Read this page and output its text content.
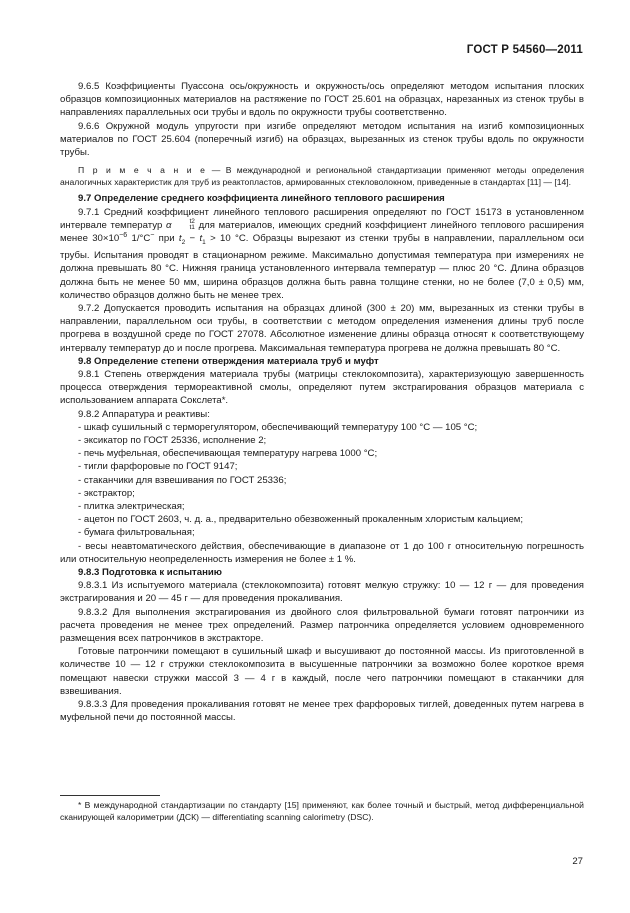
ГОСТ Р 54560—2011

9.6.5 Коэффициенты Пуассона ось/окружность и окружность/ось определяют методом испытания плоских образцов композиционных материалов на растяжение по ГОСТ 25.601 на образцах, нарезанных из стенок трубы в направлениях параллельных оси трубы и вдоль по окружности трубы соответственно.

9.6.6 Окружной модуль упругости при изгибе определяют методом испытания на изгиб композиционных материалов по ГОСТ 25.604 (поперечный изгиб) на образцах, вырезанных из стенок трубы вдоль по окружности трубы.

П р и м е ч а н и е — В международной и региональной стандартизации применяют методы определения аналогичных характеристик для труб из реактопластов, армированных стекловолокном, приведенные в стандартах [11] — [14].

9.7 Определение среднего коэффициента линейного теплового расширения

9.7.1 Средний коэффициент линейного теплового расширения определяют по ГОСТ 15173 в установленном интервале температур α	t2
t1 для материалов, имеющих средний коэффициент линейного теплового расширения менее $30\times 10^{-6}$ 1/°С− при $t_2 - t_1 > 10$ °С. Образцы вырезают из стенки трубы в направлении, параллельном оси трубы. Испытания проводят в стационарном режиме. Максимально допустимая температура при измерениях не должна превышать 80 °С. Нижняя граница установленного интервала температур — плюс 20 °С. Длина образцов должна быть не менее 50 мм, ширина образцов должна быть равна толщине стенки, но не более (7,0 ± 0,5) мм, количество образцов должно быть не менее трех.

9.7.2 Допускается проводить испытания на образцах длиной (300 ± 20) мм, вырезанных из стенки трубы в направлении, параллельном оси трубы, в соответствии с методом определения изменения длины труб после прогрева в воздушной среде по ГОСТ 27078. Абсолютное изменение длины образца относят к соответствующему интервалу температур до и после прогрева. Максимальная температура прогрева не должна превышать 80 °С.

9.8 Определение степени отверждения материала труб и муфт

9.8.1 Степень отверждения материала трубы (матрицы стеклокомпозита), характеризующую завершенность процесса отверждения термореактивной смолы, определяют путем экстрагирования образцов материала с использованием аппарата Сокслета*.

9.8.2 Аппаратура и реактивы:

- шкаф сушильный с терморегулятором, обеспечивающий температуру 100 °С — 105 °С;

- эксикатор по ГОСТ 25336, исполнение 2;

- печь муфельная, обеспечивающая температуру нагрева 1000 °С;

- тигли фарфоровые по ГОСТ 9147;

- стаканчики для взвешивания по ГОСТ 25336;

- экстрактор;

- плитка электрическая;

- ацетон по ГОСТ 2603, ч. д. а., предварительно обезвоженный прокаленным хлористым кальцием;

- бумага фильтровальная;

- весы неавтоматического действия, обеспечивающие в диапазоне от 1 до 100 г относительную погрешность или относительную неопределенность измерения не более ± 1 %.

9.8.3 Подготовка к испытанию

9.8.3.1 Из испытуемого материала (стеклокомпозита) готовят мелкую стружку: 10 — 12 г — для проведения экстрагирования и 20 — 45 г — для проведения прокаливания.

9.8.3.2 Для выполнения экстрагирования из двойного слоя фильтровальной бумаги готовят патрончики из расчета проведения не менее трех определений. Размер патрончика определяется условием одновременного размещения всех патрончиков в экстракторе.

Готовые патрончики помещают в сушильный шкаф и высушивают до постоянной массы. Из приготовленной в количестве 10 — 12 г стружки стеклокомпозита в высушенные патрончики за возможно более короткое время помещают навески стружки массой 3 — 4 г в каждый, после чего патрончики помещают в стаканчики для взвешивания.

9.8.3.3 Для проведения прокаливания готовят не менее трех фарфоровых тиглей, доведенных путем нагрева в муфельной печи до постоянной массы.

* В международной стандартизации по стандарту [15] применяют, как более точный и быстрый, метод дифференциальной сканирующей калориметрии (ДСК) — differentiating scanning calorimetry (DSC).
27
